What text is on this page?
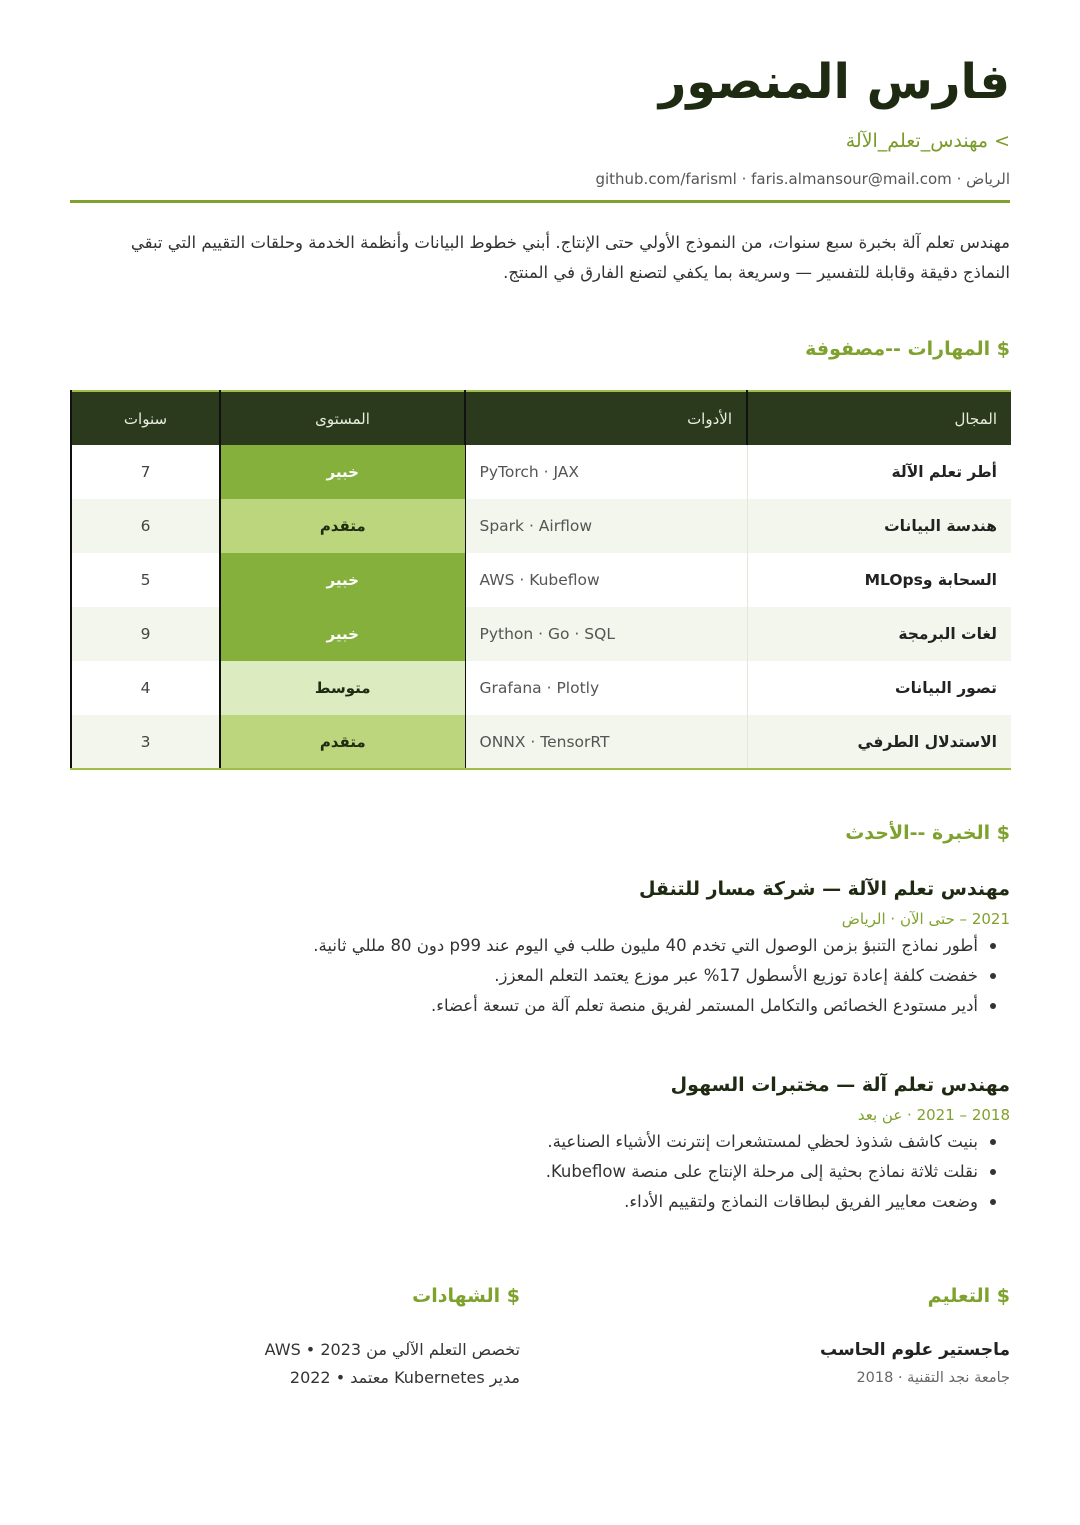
فارس المنصور
> مهندس_تعلم_الآلة
الرياض · github.com/farisml · faris.almansour@mail.com

مهندس تعلم آلة بخبرة سبع سنوات، من النموذج الأولي حتى الإنتاج. أبني خطوط البيانات وأنظمة الخدمة وحلقات التقييم التي تبقي النماذج دقيقة وقابلة للتفسير — وسريعة بما يكفي لتصنع الفارق في المنتج.

$ المهارات --مصفوفة
المجال	الأدوات	المستوى	سنوات
أطر تعلم الآلة	PyTorch · JAX	خبير	7
هندسة البيانات	Spark · Airflow	متقدم	6
السحابة وMLOps	AWS · Kubeflow	خبير	5
لغات البرمجة	Python · Go · SQL	خبير	9
تصور البيانات	Grafana · Plotly	متوسط	4
الاستدلال الطرفي	ONNX · TensorRT	متقدم	3
$ الخبرة --الأحدث
مهندس تعلم الآلة — شركة مسار للتنقل
2021 – حتى الآن · الرياض
أطور نماذج التنبؤ بزمن الوصول التي تخدم 40 مليون طلب في اليوم عند p99 دون 80 مللي ثانية.
خفضت كلفة إعادة توزيع الأسطول 17% عبر موزع يعتمد التعلم المعزز.
أدير مستودع الخصائص والتكامل المستمر لفريق منصة تعلم آلة من تسعة أعضاء.
مهندس تعلم آلة — مختبرات السهول
2018 – 2021 · عن بعد
بنيت كاشف شذوذ لحظي لمستشعرات إنترنت الأشياء الصناعية.
نقلت ثلاثة نماذج بحثية إلى مرحلة الإنتاج على منصة Kubeflow.
وضعت معايير الفريق لبطاقات النماذج ولتقييم الأداء.
$ التعليم
ماجستير علوم الحاسب
جامعة نجد التقنية · 2018
$ الشهادات
تخصص التعلم الآلي من AWS • 2023
مدير Kubernetes معتمد • 2022
